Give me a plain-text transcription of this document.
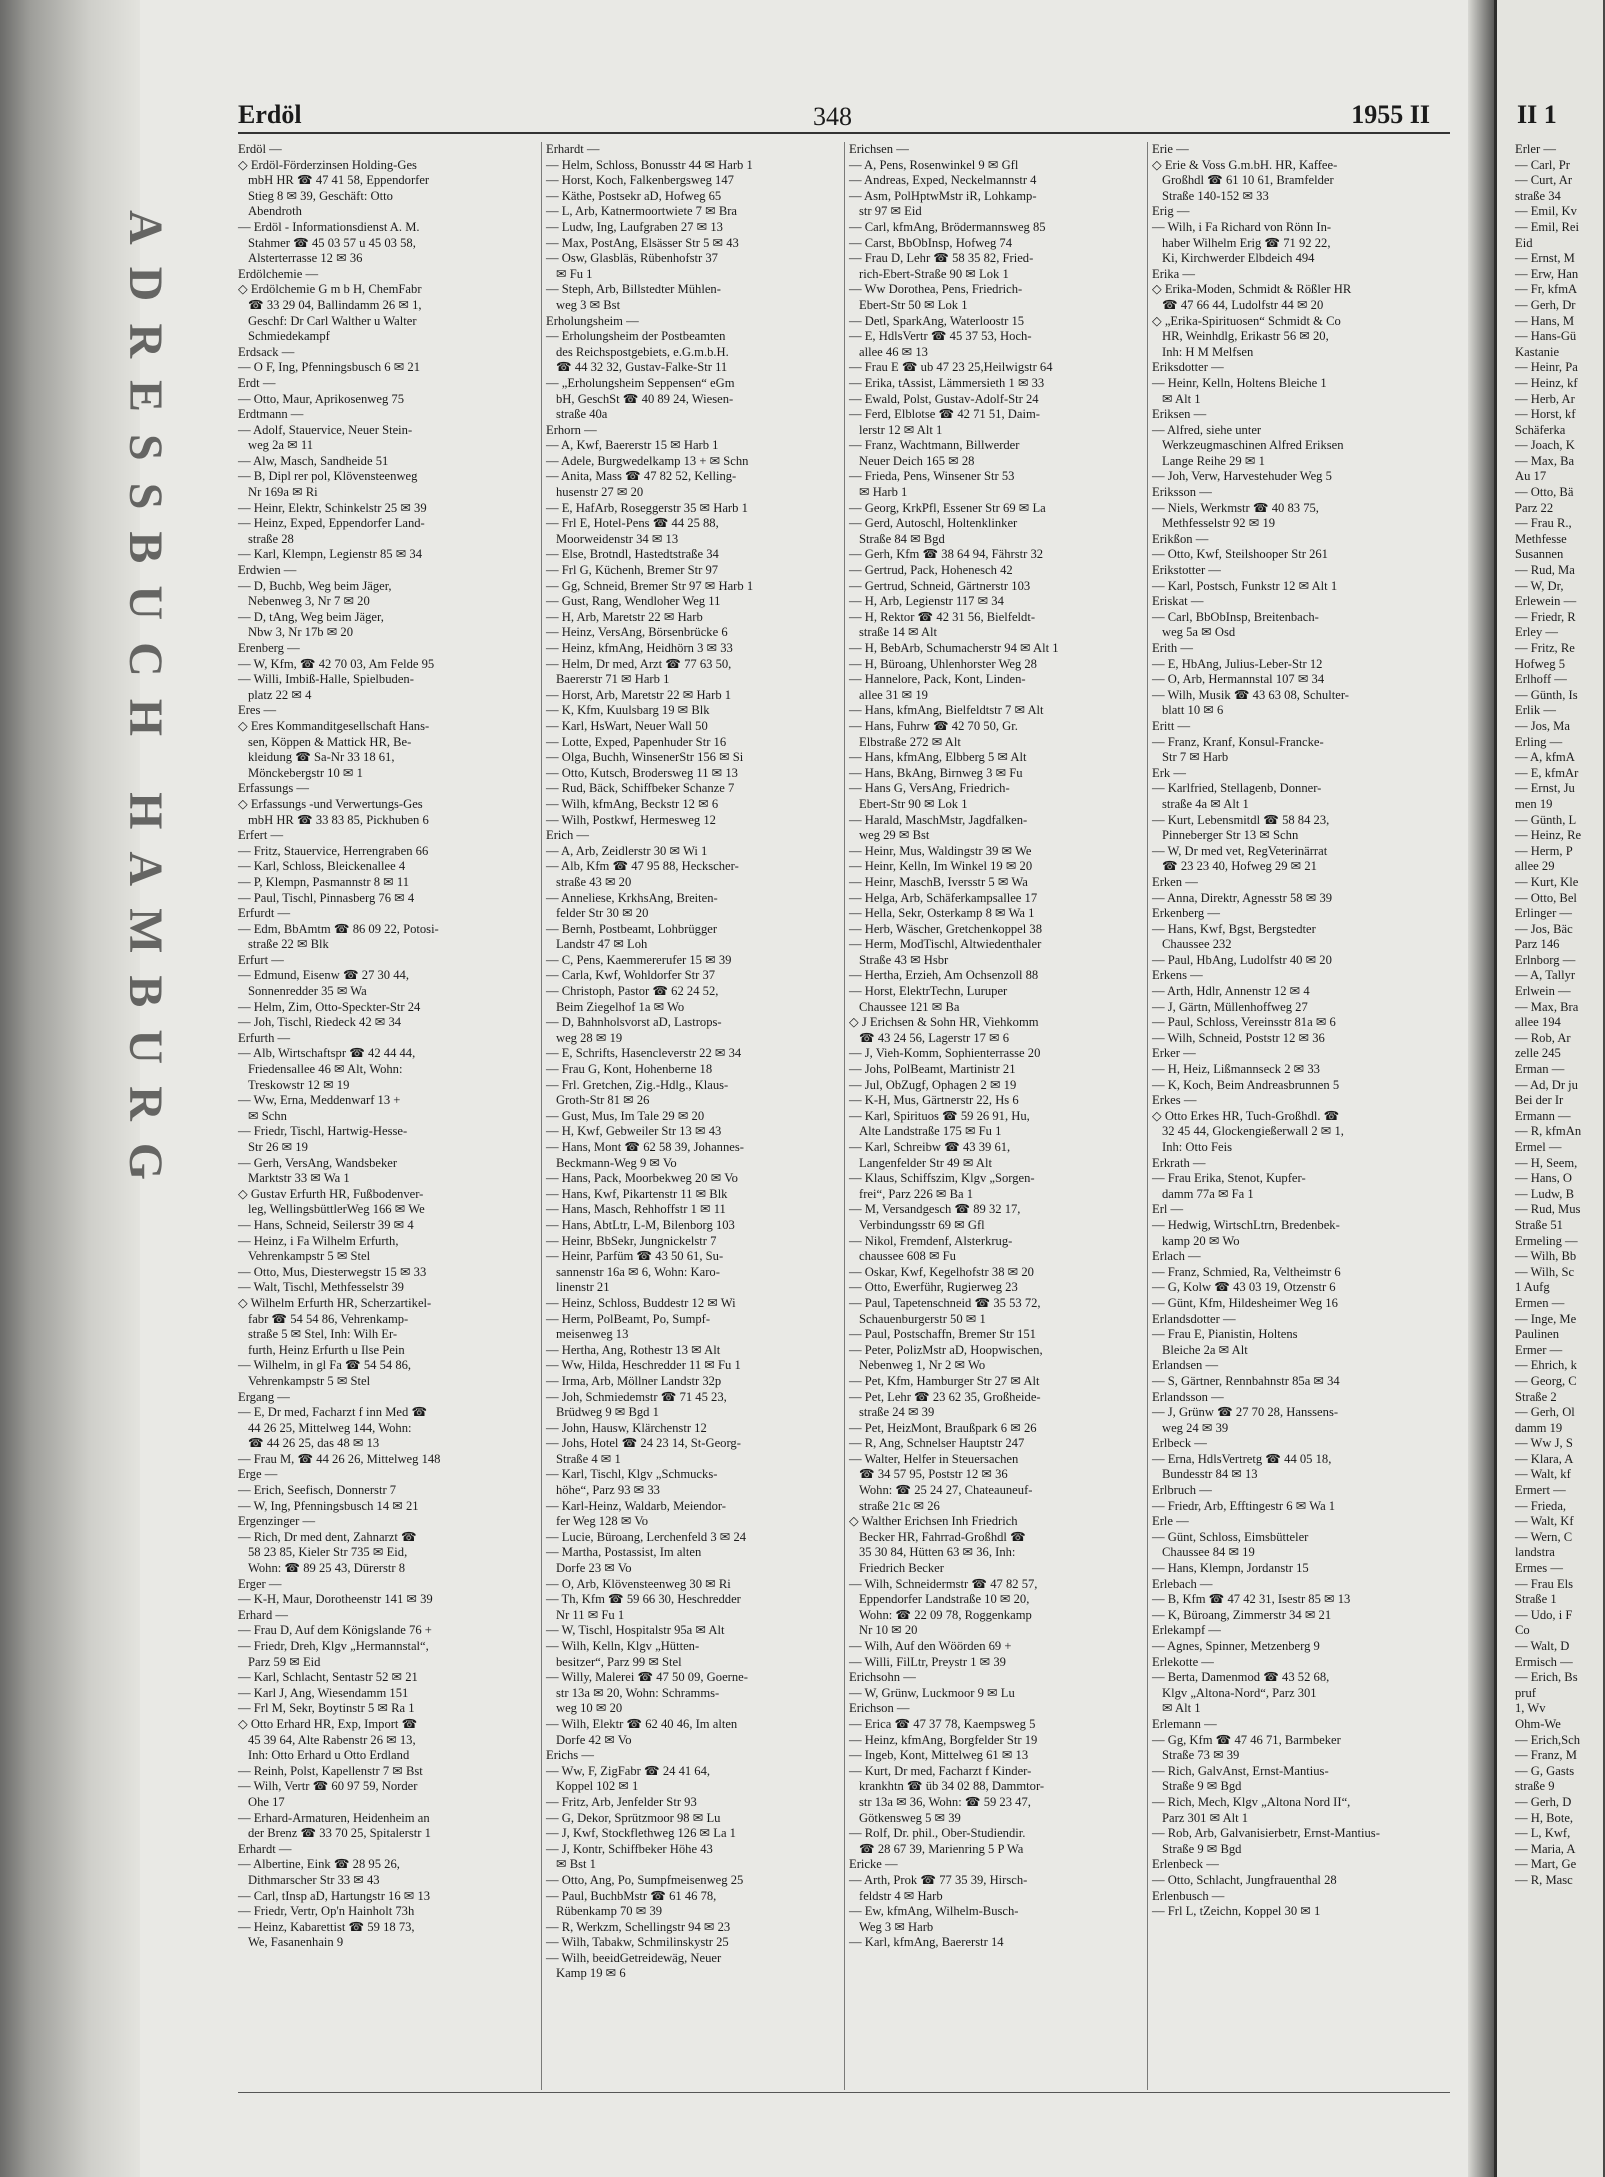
ADRESSBUCH HAMBURG
Erdöl	348	1955 II
Erdöl —
◇ Erdöl-Förderzinsen Holding-Ges
mbH HR ☎ 47 41 58, Eppendorfer
Stieg 8 ✉ 39, Geschäft: Otto
Abendroth
— Erdöl - Informationsdienst A. M.
Stahmer ☎ 45 03 57 u 45 03 58,
Alsterterrasse 12 ✉ 36
Erdölchemie —
◇ Erdölchemie G m b H, ChemFabr
☎ 33 29 04, Ballindamm 26 ✉ 1,
Geschf: Dr Carl Walther u Walter
Schmiedekampf
Erdsack —
— O F, Ing, Pfenningsbusch 6 ✉ 21
Erdt —
— Otto, Maur, Aprikosenweg 75
Erdtmann —
— Adolf, Stauervice, Neuer Stein-
weg 2a ✉ 11
— Alw, Masch, Sandheide 51
— B, Dipl rer pol, Klövensteenweg
Nr 169a ✉ Ri
— Heinr, Elektr, Schinkelstr 25 ✉ 39
— Heinz, Exped, Eppendorfer Land-
straße 28
— Karl, Klempn, Legienstr 85 ✉ 34
Erdwien —
— D, Buchb, Weg beim Jäger,
Nebenweg 3, Nr 7 ✉ 20
— D, tAng, Weg beim Jäger,
Nbw 3, Nr 17b ✉ 20
Erenberg —
— W, Kfm, ☎ 42 70 03, Am Felde 95
— Willi, Imbiß-Halle, Spielbuden-
platz 22 ✉ 4
Eres —
◇ Eres Kommanditgesellschaft Hans-
sen, Köppen & Mattick HR, Be-
kleidung ☎ Sa-Nr 33 18 61,
Mönckebergstr 10 ✉ 1
Erfassungs —
◇ Erfassungs -und Verwertungs-Ges
mbH HR ☎ 33 83 85, Pickhuben 6
Erfert —
— Fritz, Stauervice, Herrengraben 66
— Karl, Schloss, Bleickenallee 4
— P, Klempn, Pasmannstr 8 ✉ 11
— Paul, Tischl, Pinnasberg 76 ✉ 4
Erfurdt —
— Edm, BbAmtm ☎ 86 09 22, Potosi-
straße 22 ✉ Blk
Erfurt —
— Edmund, Eisenw ☎ 27 30 44,
Sonnenredder 35 ✉ Wa
— Helm, Zim, Otto-Speckter-Str 24
— Joh, Tischl, Riedeck 42 ✉ 34
Erfurth —
— Alb, Wirtschaftspr ☎ 42 44 44,
Friedensallee 46 ✉ Alt, Wohn:
Treskowstr 12 ✉ 19
— Ww, Erna, Meddenwarf 13 +
✉ Schn
— Friedr, Tischl, Hartwig-Hesse-
Str 26 ✉ 19
— Gerh, VersAng, Wandsbeker
Marktstr 33 ✉ Wa 1
◇ Gustav Erfurth HR, Fußbodenver-
leg, WellingsbüttlerWeg 166 ✉ We
— Hans, Schneid, Seilerstr 39 ✉ 4
— Heinz, i Fa Wilhelm Erfurth,
Vehrenkampstr 5 ✉ Stel
— Otto, Mus, Diesterwegstr 15 ✉ 33
— Walt, Tischl, Methfesselstr 39
◇ Wilhelm Erfurth HR, Scherzartikel-
fabr ☎ 54 54 86, Vehrenkamp-
straße 5 ✉ Stel, Inh: Wilh Er-
furth, Heinz Erfurth u Ilse Pein
— Wilhelm, in gl Fa ☎ 54 54 86,
Vehrenkampstr 5 ✉ Stel
Ergang —
— E, Dr med, Facharzt f inn Med ☎
44 26 25, Mittelweg 144, Wohn:
☎ 44 26 25, das 48 ✉ 13
— Frau M, ☎ 44 26 26, Mittelweg 148
Erge —
— Erich, Seefisch, Donnerstr 7
— W, Ing, Pfenningsbusch 14 ✉ 21
Ergenzinger —
— Rich, Dr med dent, Zahnarzt ☎
58 23 85, Kieler Str 735 ✉ Eid,
Wohn: ☎ 89 25 43, Dürerstr 8
Erger —
— K-H, Maur, Dorotheenstr 141 ✉ 39
Erhard —
— Frau D, Auf dem Königslande 76 +
— Friedr, Dreh, Klgv „Hermannstal“,
Parz 59 ✉ Eid
— Karl, Schlacht, Sentastr 52 ✉ 21
— Karl J, Ang, Wiesendamm 151
— Frl M, Sekr, Boytinstr 5 ✉ Ra 1
◇ Otto Erhard HR, Exp, Import ☎
45 39 64, Alte Rabenstr 26 ✉ 13,
Inh: Otto Erhard u Otto Erdland
— Reinh, Polst, Kapellenstr 7 ✉ Bst
— Wilh, Vertr ☎ 60 97 59, Norder
Ohe 17
— Erhard-Armaturen, Heidenheim an
der Brenz ☎ 33 70 25, Spitalerstr 1
Erhardt —
— Albertine, Eink ☎ 28 95 26,
Dithmarscher Str 33 ✉ 43
— Carl, tInsp aD, Hartungstr 16 ✉ 13
— Friedr, Vertr, Op'n Hainholt 73h
— Heinz, Kabarettist ☎ 59 18 73,
We, Fasanenhain 9
Erhardt —
— Helm, Schloss, Bonusstr 44 ✉ Harb 1
— Horst, Koch, Falkenbergsweg 147
— Käthe, Postsekr aD, Hofweg 65
— L, Arb, Katnermoortwiete 7 ✉ Bra
— Ludw, Ing, Laufgraben 27 ✉ 13
— Max, PostAng, Elsässer Str 5 ✉ 43
— Osw, Glasbläs, Rübenhofstr 37
✉ Fu 1
— Steph, Arb, Billstedter Mühlen-
weg 3 ✉ Bst
Erholungsheim —
— Erholungsheim der Postbeamten
des Reichspostgebiets, e.G.m.b.H.
☎ 44 32 32, Gustav-Falke-Str 11
— „Erholungsheim Seppensen“ eGm
bH, GeschSt ☎ 40 89 24, Wiesen-
straße 40a
Erhorn —
— A, Kwf, Baererstr 15 ✉ Harb 1
— Adele, Burgwedelkamp 13 + ✉ Schn
— Anita, Mass ☎ 47 82 52, Kelling-
husenstr 27 ✉ 20
— E, HafArb, Roseggerstr 35 ✉ Harb 1
— Frl E, Hotel-Pens ☎ 44 25 88,
Moorweidenstr 34 ✉ 13
— Else, Brotndl, Hastedtstraße 34
— Frl G, Küchenh, Bremer Str 97
— Gg, Schneid, Bremer Str 97 ✉ Harb 1
— Gust, Rang, Wendloher Weg 11
— H, Arb, Maretstr 22 ✉ Harb
— Heinz, VersAng, Börsenbrücke 6
— Heinz, kfmAng, Heidhörn 3 ✉ 33
— Helm, Dr med, Arzt ☎ 77 63 50,
Baererstr 71 ✉ Harb 1
— Horst, Arb, Maretstr 22 ✉ Harb 1
— K, Kfm, Kuulsbarg 19 ✉ Blk
— Karl, HsWart, Neuer Wall 50
— Lotte, Exped, Papenhuder Str 16
— Olga, Buchh, WinsenerStr 156 ✉ Si
— Otto, Kutsch, Brodersweg 11 ✉ 13
— Rud, Bäck, Schiffbeker Schanze 7
— Wilh, kfmAng, Beckstr 12 ✉ 6
— Wilh, Postkwf, Hermesweg 12
Erich —
— A, Arb, Zeidlerstr 30 ✉ Wi 1
— Alb, Kfm ☎ 47 95 88, Heckscher-
straße 43 ✉ 20
— Anneliese, KrkhsAng, Breiten-
felder Str 30 ✉ 20
— Bernh, Postbeamt, Lohbrügger
Landstr 47 ✉ Loh
— C, Pens, Kaemmererufer 15 ✉ 39
— Carla, Kwf, Wohldorfer Str 37
— Christoph, Pastor ☎ 62 24 52,
Beim Ziegelhof 1a ✉ Wo
— D, Bahnholsvorst aD, Lastrops-
weg 28 ✉ 19
— E, Schrifts, Hasencleverstr 22 ✉ 34
— Frau G, Kont, Hohenberne 18
— Frl. Gretchen, Zig.-Hdlg., Klaus-
Groth-Str 81 ✉ 26
— Gust, Mus, Im Tale 29 ✉ 20
— H, Kwf, Gebweiler Str 13 ✉ 43
— Hans, Mont ☎ 62 58 39, Johannes-
Beckmann-Weg 9 ✉ Vo
— Hans, Pack, Moorbekweg 20 ✉ Vo
— Hans, Kwf, Pikartenstr 11 ✉ Blk
— Hans, Masch, Rehhoffstr 1 ✉ 11
— Hans, AbtLtr, L-M, Bilenborg 103
— Heinr, BbSekr, Jungnickelstr 7
— Heinr, Parfüm ☎ 43 50 61, Su-
sannenstr 16a ✉ 6, Wohn: Karo-
linenstr 21
— Heinz, Schloss, Buddestr 12 ✉ Wi
— Herm, PolBeamt, Po, Sumpf-
meisenweg 13
— Hertha, Ang, Rothestr 13 ✉ Alt
— Ww, Hilda, Heschredder 11 ✉ Fu 1
— Irma, Arb, Möllner Landstr 32p
— Joh, Schmiedemstr ☎ 71 45 23,
Brüdweg 9 ✉ Bgd 1
— John, Hausw, Klärchenstr 12
— Johs, Hotel ☎ 24 23 14, St-Georg-
Straße 4 ✉ 1
— Karl, Tischl, Klgv „Schmucks-
höhe“, Parz 93 ✉ 33
— Karl-Heinz, Waldarb, Meiendor-
fer Weg 128 ✉ Vo
— Lucie, Büroang, Lerchenfeld 3 ✉ 24
— Martha, Postassist, Im alten
Dorfe 23 ✉ Vo
— O, Arb, Klövensteenweg 30 ✉ Ri
— Th, Kfm ☎ 59 66 30, Heschredder
Nr 11 ✉ Fu 1
— W, Tischl, Hospitalstr 95a ✉ Alt
— Wilh, Kelln, Klgv „Hütten-
besitzer“, Parz 99 ✉ Stel
— Willy, Malerei ☎ 47 50 09, Goerne-
str 13a ✉ 20, Wohn: Schramms-
weg 10 ✉ 20
— Wilh, Elektr ☎ 62 40 46, Im alten
Dorfe 42 ✉ Vo
Erichs —
— Ww, F, ZigFabr ☎ 24 41 64,
Koppel 102 ✉ 1
— Fritz, Arb, Jenfelder Str 93
— G, Dekor, Sprützmoor 98 ✉ Lu
— J, Kwf, Stockflethweg 126 ✉ La 1
— J, Kontr, Schiffbeker Höhe 43
✉ Bst 1
— Otto, Ang, Po, Sumpfmeisenweg 25
— Paul, BuchbMstr ☎ 61 46 78,
Rübenkamp 70 ✉ 39
— R, Werkzm, Schellingstr 94 ✉ 23
— Wilh, Tabakw, Schmilinskystr 25
— Wilh, beeidGetreidewäg, Neuer
Kamp 19 ✉ 6
Erichsen —
— A, Pens, Rosenwinkel 9 ✉ Gfl
— Andreas, Exped, Neckelmannstr 4
— Asm, PolHptwMstr iR, Lohkamp-
str 97 ✉ Eid
— Carl, kfmAng, Brödermannsweg 85
— Carst, BbObInsp, Hofweg 74
— Frau D, Lehr ☎ 58 35 82, Fried-
rich-Ebert-Straße 90 ✉ Lok 1
— Ww Dorothea, Pens, Friedrich-
Ebert-Str 50 ✉ Lok 1
— Detl, SparkAng, Waterloostr 15
— E, HdlsVertr ☎ 45 37 53, Hoch-
allee 46 ✉ 13
— Frau E ☎ ub 47 23 25,Heilwigstr 64
— Erika, tAssist, Lämmersieth 1 ✉ 33
— Ewald, Polst, Gustav-Adolf-Str 24
— Ferd, Elblotse ☎ 42 71 51, Daim-
lerstr 12 ✉ Alt 1
— Franz, Wachtmann, Billwerder
Neuer Deich 165 ✉ 28
— Frieda, Pens, Winsener Str 53
✉ Harb 1
— Georg, KrkPfl, Essener Str 69 ✉ La
— Gerd, Autoschl, Holtenklinker
Straße 84 ✉ Bgd
— Gerh, Kfm ☎ 38 64 94, Fährstr 32
— Gertrud, Pack, Hohenesch 42
— Gertrud, Schneid, Gärtnerstr 103
— H, Arb, Legienstr 117 ✉ 34
— H, Rektor ☎ 42 31 56, Bielfeldt-
straße 14 ✉ Alt
— H, BebArb, Schumacherstr 94 ✉ Alt 1
— H, Büroang, Uhlenhorster Weg 28
— Hannelore, Pack, Kont, Linden-
allee 31 ✉ 19
— Hans, kfmAng, Bielfeldtstr 7 ✉ Alt
— Hans, Fuhrw ☎ 42 70 50, Gr.
Elbstraße 272 ✉ Alt
— Hans, kfmAng, Elbberg 5 ✉ Alt
— Hans, BkAng, Birnweg 3 ✉ Fu
— Hans G, VersAng, Friedrich-
Ebert-Str 90 ✉ Lok 1
— Harald, MaschMstr, Jagdfalken-
weg 29 ✉ Bst
— Heinr, Mus, Waldingstr 39 ✉ We
— Heinr, Kelln, Im Winkel 19 ✉ 20
— Heinr, MaschB, Iversstr 5 ✉ Wa
— Helga, Arb, Schäferkampsallee 17
— Hella, Sekr, Osterkamp 8 ✉ Wa 1
— Herb, Wäscher, Gretchenkoppel 38
— Herm, ModTischl, Altwiedenthaler
Straße 43 ✉ Hsbr
— Hertha, Erzieh, Am Ochsenzoll 88
— Horst, ElektrTechn, Luruper
Chaussee 121 ✉ Ba
◇ J Erichsen & Sohn HR, Viehkomm
☎ 43 24 56, Lagerstr 17 ✉ 6
— J, Vieh-Komm, Sophienterrasse 20
— Johs, PolBeamt, Martinistr 21
— Jul, ObZugf, Ophagen 2 ✉ 19
— K-H, Mus, Gärtnerstr 22, Hs 6
— Karl, Spirituos ☎ 59 26 91, Hu,
Alte Landstraße 175 ✉ Fu 1
— Karl, Schreibw ☎ 43 39 61,
Langenfelder Str 49 ✉ Alt
— Klaus, Schiffszim, Klgv „Sorgen-
frei“, Parz 226 ✉ Ba 1
— M, Versandgesch ☎ 89 32 17,
Verbindungsstr 69 ✉ Gfl
— Nikol, Fremdenf, Alsterkrug-
chaussee 608 ✉ Fu
— Oskar, Kwf, Kegelhofstr 38 ✉ 20
— Otto, Ewerführ, Rugierweg 23
— Paul, Tapetenschneid ☎ 35 53 72,
Schauenburgerstr 50 ✉ 1
— Paul, Postschaffn, Bremer Str 151
— Peter, PolizMstr aD, Hoopwischen,
Nebenweg 1, Nr 2 ✉ Wo
— Pet, Kfm, Hamburger Str 27 ✉ Alt
— Pet, Lehr ☎ 23 62 35, Großheide-
straße 24 ✉ 39
— Pet, HeizMont, Braußpark 6 ✉ 26
— R, Ang, Schnelser Hauptstr 247
— Walter, Helfer in Steuersachen
☎ 34 57 95, Poststr 12 ✉ 36
Wohn: ☎ 25 24 27, Chateauneuf-
straße 21c ✉ 26
◇ Walther Erichsen Inh Friedrich
Becker HR, Fahrrad-Großhdl ☎
35 30 84, Hütten 63 ✉ 36, Inh:
Friedrich Becker
— Wilh, Schneidermstr ☎ 47 82 57,
Eppendorfer Landstraße 10 ✉ 20,
Wohn: ☎ 22 09 78, Roggenkamp
Nr 10 ✉ 20
— Wilh, Auf den Wöörden 69 +
— Willi, FilLtr, Preystr 1 ✉ 39
Erichsohn —
— W, Grünw, Luckmoor 9 ✉ Lu
Erichson —
— Erica ☎ 47 37 78, Kaempsweg 5
— Heinz, kfmAng, Borgfelder Str 19
— Ingeb, Kont, Mittelweg 61 ✉ 13
— Kurt, Dr med, Facharzt f Kinder-
krankhtn ☎ üb 34 02 88, Dammtor-
str 13a ✉ 36, Wohn: ☎ 59 23 47,
Götkensweg 5 ✉ 39
— Rolf, Dr. phil., Ober-Studiendir.
☎ 28 67 39, Marienring 5 P Wa
Ericke —
— Arth, Prok ☎ 77 35 39, Hirsch-
feldstr 4 ✉ Harb
— Ew, kfmAng, Wilhelm-Busch-
Weg 3 ✉ Harb
— Karl, kfmAng, Baererstr 14
Erie —
◇ Erie & Voss G.m.bH. HR, Kaffee-
Großhdl ☎ 61 10 61, Bramfelder
Straße 140-152 ✉ 33
Erig —
— Wilh, i Fa Richard von Rönn In-
haber Wilhelm Erig ☎ 71 92 22,
Ki, Kirchwerder Elbdeich 494
Erika —
◇ Erika-Moden, Schmidt & Rößler HR
☎ 47 66 44, Ludolfstr 44 ✉ 20
◇ „Erika-Spirituosen“ Schmidt & Co
HR, Weinhdlg, Erikastr 56 ✉ 20,
Inh: H M Melfsen
Eriksdotter —
— Heinr, Kelln, Holtens Bleiche 1
✉ Alt 1
Eriksen —
— Alfred, siehe unter
Werkzeugmaschinen Alfred Eriksen
Lange Reihe 29 ✉ 1
— Joh, Verw, Harvestehuder Weg 5
Eriksson —
— Niels, Werkmstr ☎ 40 83 75,
Methfesselstr 92 ✉ 19
Erikßon —
— Otto, Kwf, Steilshooper Str 261
Erikstotter —
— Karl, Postsch, Funkstr 12 ✉ Alt 1
Eriskat —
— Carl, BbObInsp, Breitenbach-
weg 5a ✉ Osd
Erith —
— E, HbAng, Julius-Leber-Str 12
— O, Arb, Hermannstal 107 ✉ 34
— Wilh, Musik ☎ 43 63 08, Schulter-
blatt 10 ✉ 6
Eritt —
— Franz, Kranf, Konsul-Francke-
Str 7 ✉ Harb
Erk —
— Karlfried, Stellagenb, Donner-
straße 4a ✉ Alt 1
— Kurt, Lebensmitdl ☎ 58 84 23,
Pinneberger Str 13 ✉ Schn
— W, Dr med vet, RegVeterinärrat
☎ 23 23 40, Hofweg 29 ✉ 21
Erken —
— Anna, Direktr, Agnesstr 58 ✉ 39
Erkenberg —
— Hans, Kwf, Bgst, Bergstedter
Chaussee 232
— Paul, HbAng, Ludolfstr 40 ✉ 20
Erkens —
— Arth, Hdlr, Annenstr 12 ✉ 4
— J, Gärtn, Müllenhoffweg 27
— Paul, Schloss, Vereinsstr 81a ✉ 6
— Wilh, Schneid, Poststr 12 ✉ 36
Erker —
— H, Heiz, Lißmannseck 2 ✉ 33
— K, Koch, Beim Andreasbrunnen 5
Erkes —
◇ Otto Erkes HR, Tuch-Großhdl. ☎
32 45 44, Glockengießerwall 2 ✉ 1,
Inh: Otto Feis
Erkrath —
— Frau Erika, Stenot, Kupfer-
damm 77a ✉ Fa 1
Erl —
— Hedwig, WirtschLtrn, Bredenbek-
kamp 20 ✉ Wo
Erlach —
— Franz, Schmied, Ra, Veltheimstr 6
— G, Kolw ☎ 43 03 19, Otzenstr 6
— Günt, Kfm, Hildesheimer Weg 16
Erlandsdotter —
— Frau E, Pianistin, Holtens
Bleiche 2a ✉ Alt
Erlandsen —
— S, Gärtner, Rennbahnstr 85a ✉ 34
Erlandsson —
— J, Grünw ☎ 27 70 28, Hanssens-
weg 24 ✉ 39
Erlbeck —
— Erna, HdlsVertretg ☎ 44 05 18,
Bundesstr 84 ✉ 13
Erlbruch —
— Friedr, Arb, Efftingestr 6 ✉ Wa 1
Erle —
— Günt, Schloss, Eimsbütteler
Chaussee 84 ✉ 19
— Hans, Klempn, Jordanstr 15
Erlebach —
— B, Kfm ☎ 47 42 31, Isestr 85 ✉ 13
— K, Büroang, Zimmerstr 34 ✉ 21
Erlekampf —
— Agnes, Spinner, Metzenberg 9
Erlekotte —
— Berta, Damenmod ☎ 43 52 68,
Klgv „Altona-Nord“, Parz 301
✉ Alt 1
Erlemann —
— Gg, Kfm ☎ 47 46 71, Barmbeker
Straße 73 ✉ 39
— Rich, GalvAnst, Ernst-Mantius-
Straße 9 ✉ Bgd
— Rich, Mech, Klgv „Altona Nord II“,
Parz 301 ✉ Alt 1
— Rob, Arb, Galvanisierbetr, Ernst-Mantius-
Straße 9 ✉ Bgd
Erlenbeck —
— Otto, Schlacht, Jungfrauenthal 28
Erlenbusch —
— Frl L, tZeichn, Koppel 30 ✉ 1
II 1
Erler —
— Carl, Pr
— Curt, Ar
straße 34
— Emil, Kv
— Emil, Rei
Eid
— Ernst, M
— Erw, Han
— Fr, kfmA
— Gerh, Dr
— Hans, M
— Hans-Gü
Kastanie
— Heinr, Pa
— Heinz, kf
— Herb, Ar
— Horst, kf
Schäferka
— Joach, K
— Max, Ba
Au 17
— Otto, Bä
Parz 22
— Frau R.,
Methfesse
Susannen
— Rud, Ma
— W, Dr,
Erlewein —
— Friedr, R
Erley —
— Fritz, Re
Hofweg 5
Erlhoff —
— Günth, Is
Erlik —
— Jos, Ma
Erling —
— A, kfmA
— E, kfmAr
— Ernst, Ju
men 19
— Günth, L
— Heinz, Re
— Herm, P
allee 29
— Kurt, Kle
— Otto, Bel
Erlinger —
— Jos, Bäc
Parz 146
Erlnborg —
— A, Tallyr
Erlwein —
— Max, Bra
allee 194
— Rob, Ar
zelle 245
Erman —
— Ad, Dr ju
Bei der Ir
Ermann —
— R, kfmAn
Ermel —
— H, Seem,
— Hans, O
— Ludw, B
— Rud, Mus
Straße 51
Ermeling —
— Wilh, Bb
— Wilh, Sc
1 Aufg
Ermen —
— Inge, Me
Paulinen
Ermer —
— Ehrich, k
— Georg, C
Straße 2
— Gerh, Ol
damm 19
— Ww J, S
— Klara, A
— Walt, kf
Ermert —
— Frieda,
— Walt, Kf
— Wern, C
landstra
Ermes —
— Frau Els
Straße 1
— Udo, i F
Co
— Walt, D
Ermisch —
— Erich, Bs
pruf
1, Wv
Ohm-We
— Erich,Sch
— Franz, M
— G, Gasts
straße 9
— Gerh, D
— H, Bote,
— L, Kwf,
— Maria, A
— Mart, Ge
— R, Masc
